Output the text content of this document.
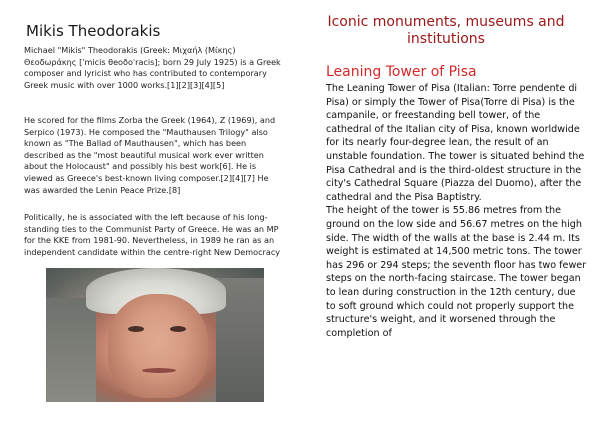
Mikis Theodorakis
Michael "Mikis" Theodorakis (Greek: Μιχαήλ (Μίκης) Θεοδωράκης [ˈmicis θeoðoˈracis]; born 29 July 1925) is a Greek composer and lyricist who has contributed to contemporary Greek music with over 1000 works.[1][2][3][4][5]
He scored for the films Zorba the Greek (1964), Z (1969), and Serpico (1973). He composed the "Mauthausen Trilogy" also known as "The Ballad of Mauthausen", which has been described as the "most beautiful musical work ever written about the Holocaust" and possibly his best work[6]. He is viewed as Greece's best-known living composer.[2][4][7] He was awarded the Lenin Peace Prize.[8]
Politically, he is associated with the left because of his long-standing ties to the Communist Party of Greece. He was an MP for the KKE from 1981-90. Nevertheless, in 1989 he ran as an independent candidate within the centre-right New Democracy
Iconic monuments, museums and institutions
Leaning Tower of Pisa

The Leaning Tower of Pisa (Italian: Torre pendente di Pisa) or simply the Tower of Pisa(Torre di Pisa) is the campanile, or freestanding bell tower, of the cathedral of the Italian city of Pisa, known worldwide for its nearly four-degree lean, the result of an unstable foundation. The tower is situated behind the Pisa Cathedral and is the third-oldest structure in the city's Cathedral Square (Piazza del Duomo), after the cathedral and the Pisa Baptistry.

The height of the tower is 55.86 metres from the ground on the low side and 56.67 metres on the high side. The width of the walls at the base is 2.44 m. Its weight is estimated at 14,500 metric tons. The tower has 296 or 294 steps; the seventh floor has two fewer steps on the north-facing staircase. The tower began to lean during construction in the 12th century, due to soft ground which could not properly support the structure's weight, and it worsened through the completion of
